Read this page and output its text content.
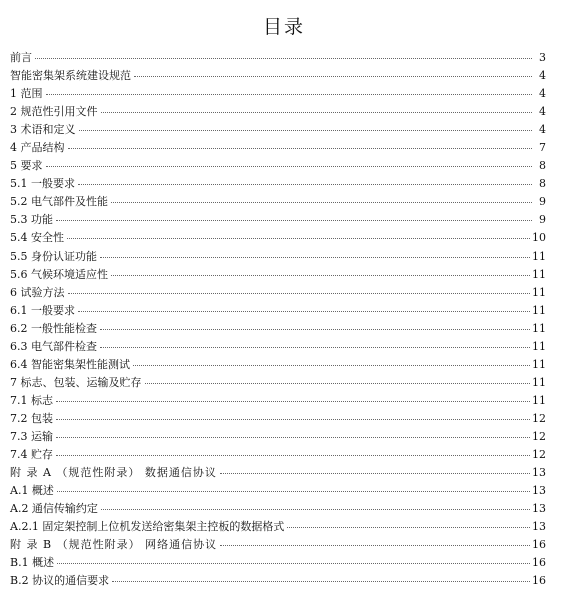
目录
前言	3
智能密集架系统建设规范	4
1 范围	4
2 规范性引用文件	4
3 术语和定义	4
4 产品结构	7
5 要求	8
5.1 一般要求	8
5.2 电气部件及性能	9
5.3 功能	9
5.4 安全性	10
5.5 身份认证功能	11
5.6 气候环境适应性	11
6 试验方法	11
6.1 一般要求	11
6.2 一般性能检查	11
6.3 电气部件检查	11
6.4 智能密集架性能测试	11
7 标志、包装、运输及贮存	11
7.1 标志	11
7.2 包装	12
7.3 运输	12
7.4 贮存	12
附 录 A （规范性附录） 数据通信协议	13
A.1 概述	13
A.2 通信传输约定	13
A.2.1 固定架控制上位机发送给密集架主控板的数据格式	13
附 录 B （规范性附录） 网络通信协议	16
B.1 概述	16
B.2 协议的通信要求	16
